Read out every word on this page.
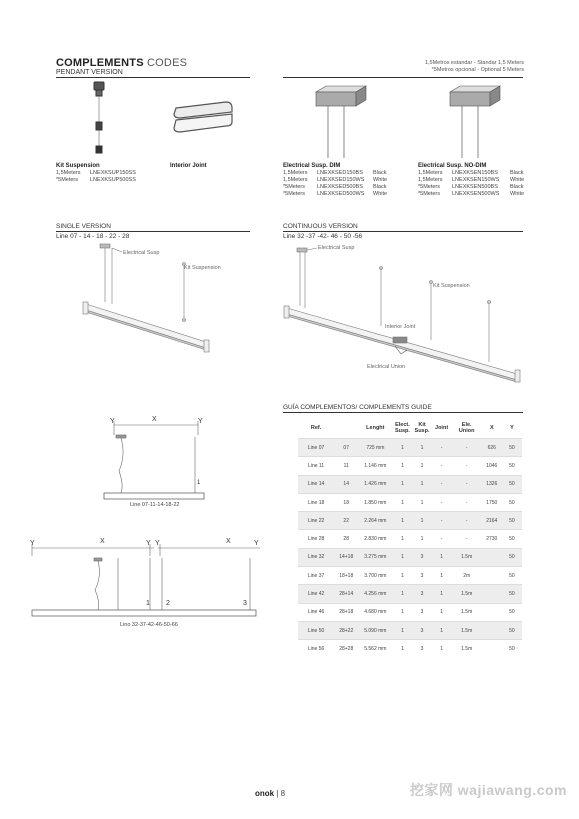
COMPLEMENTS CODES
PENDANT VERSION
1,5Metros estandar - Standar 1,5 Meters
*5Metros opcional - Optional 5 Meters
Kit Suspension
1,5Meters	LNEXKSUP150SS
*5Meters	LNEXKSUP500SS
Interior Joint	Electrical Susp. DIM
1,5Meters	LNEXKSED150BS	Black
1,5Meters	LNEXKSED150WS	White
*5Meters	LNEXKSED500BS	Black
*5Meters	LNEXKSED500WS	White
Electrical Susp. NO-DIM
1,5Meters	LNEXKSEN150BS	Black
1,5Meters	LNEXKSEN150WS	White
*5Meters	LNEXKSEN500BS	Black
*5Meters	LNEXKSEN500WS	White
SINGLE VERSION
Line 07 - 14 - 18 - 22 - 28
Electrical Susp
Kit Suspension
CONTINUOUS VERSION
Line 32 -37 -42- 46 - 50 -56
Electrical Susp
Kit Suspension
Interior Joint
Electrical Union
Y	X	Y
1
Line 07-11-14-18-22
Y	X	Y Y	X	Y
1 2	3
Lino 32-37-42-46-50-66
GUÍA COMPLEMENTOS/ COMPLEMENTS GUIDE
Ref.		Lenght	Elect. Susp.	Kit Susp.	Joint	Ele. Union	X	Y
Line 07	07	725 mm	1	1	-	-	626	50
Line 11	11	1.146 mm	1	1	-	-	1046	50
Line 14	14	1.426 mm	1	1	-	-	1326	50
Line 18	18	1.850 mm	1	1	-	-	1750	50
Line 22	22	2.264 mm	1	1	-	-	2164	50
Line 28	28	2.830 mm	1	1	-	-	2730	50
Line 32	14+18	3.275 mm	1	3	1	1.5m		50
Line 37	18+18	3.700 mm	1	3	1	2m		50
Line 42	28+14	4.256 mm	1	3	1	1.5m		50
Line 46	28+18	4.680 mm	1	3	1	1.5m		50
Line 50	28+22	5.090 mm	1	3	1	1.5m		50
Line 56	28+28	5.562 mm	1	3	1	1.5m		50
onok | 8	挖家网 wajiawang.com
